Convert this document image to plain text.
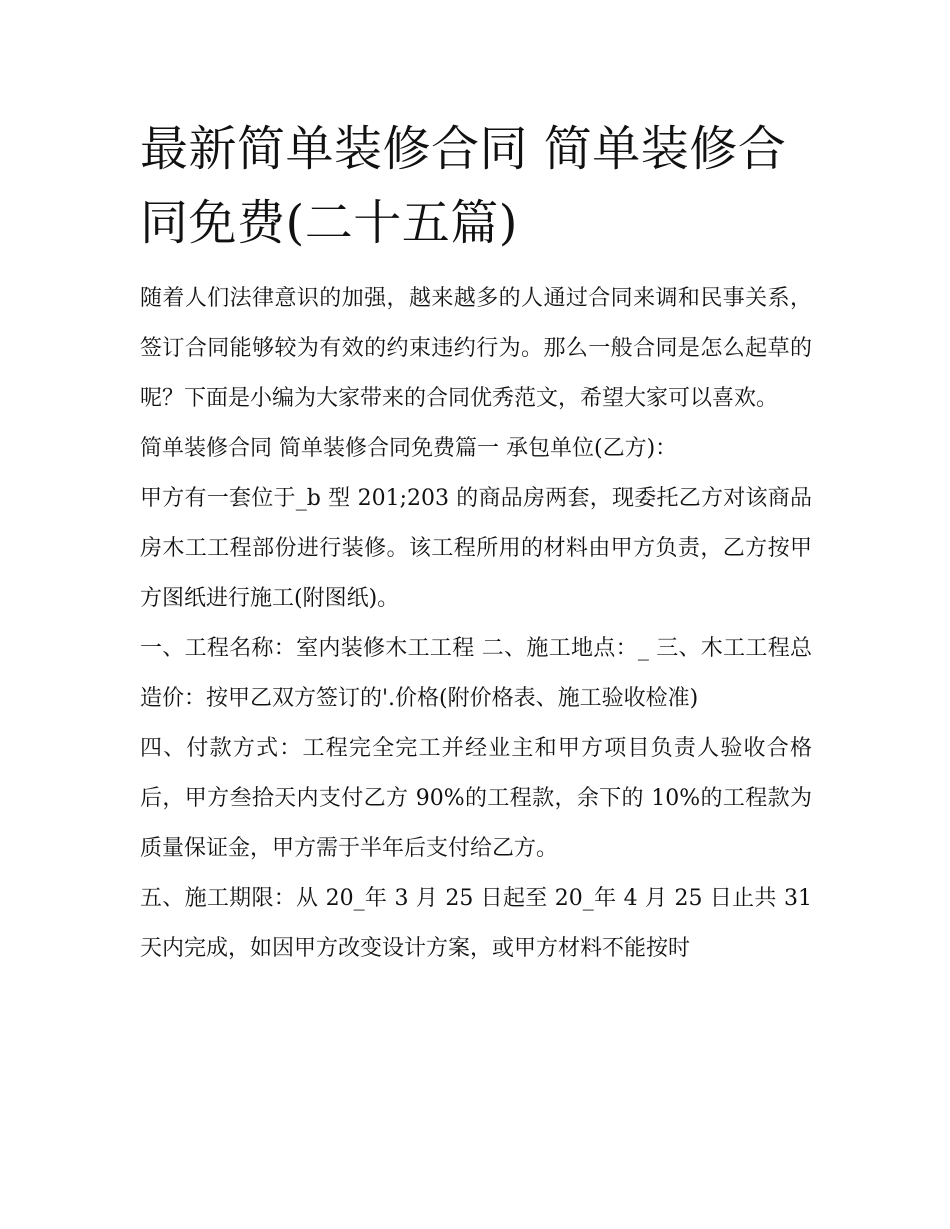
最新简单装修合同 简单装修合同免费(二十五篇)

随着人们法律意识的加强，越来越多的人通过合同来调和民事关系，签订合同能够较为有效的约束违约行为。那么一般合同是怎么起草的呢？下面是小编为大家带来的合同优秀范文，希望大家可以喜欢。

简单装修合同 简单装修合同免费篇一 承包单位(乙方)：

甲方有一套位于_b 型 201;203 的商品房两套，现委托乙方对该商品房木工工程部份进行装修。该工程所用的材料由甲方负责，乙方按甲方图纸进行施工(附图纸)。

一、工程名称：室内装修木工工程 二、施工地点：_ 三、木工工程总造价：按甲乙双方签订的'.价格(附价格表、施工验收检准)

四、付款方式：工程完全完工并经业主和甲方项目负责人验收合格后，甲方叁拾天内支付乙方 90%的工程款，余下的 10%的工程款为质量保证金，甲方需于半年后支付给乙方。

五、施工期限：从 20_年 3 月 25 日起至 20_年 4 月 25 日止共 31 天内完成，如因甲方改变设计方案，或甲方材料不能按时
